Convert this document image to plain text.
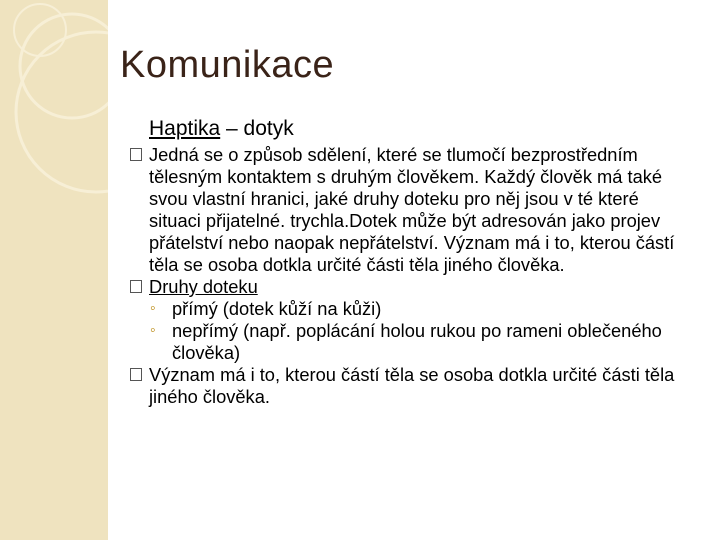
Komunikace
Haptika – dotyk
Jedná se o způsob sdělení, které se tlumočí bezprostředním tělesným kontaktem s druhým člověkem. Každý člověk má také svou vlastní hranici, jaké druhy doteku pro něj jsou v té které situaci přijatelné. trychla.Dotek může být adresován jako projev přátelství nebo naopak nepřátelství. Význam má i to, kterou částí těla se osoba dotkla určité části těla jiného člověka.
Druhy doteku
◦ přímý (dotek kůží na kůži)
◦ nepřímý (např. poplácání holou rukou po rameni oblečeného člověka)
Význam má i to, kterou částí těla se osoba dotkla určité části těla jiného člověka.
